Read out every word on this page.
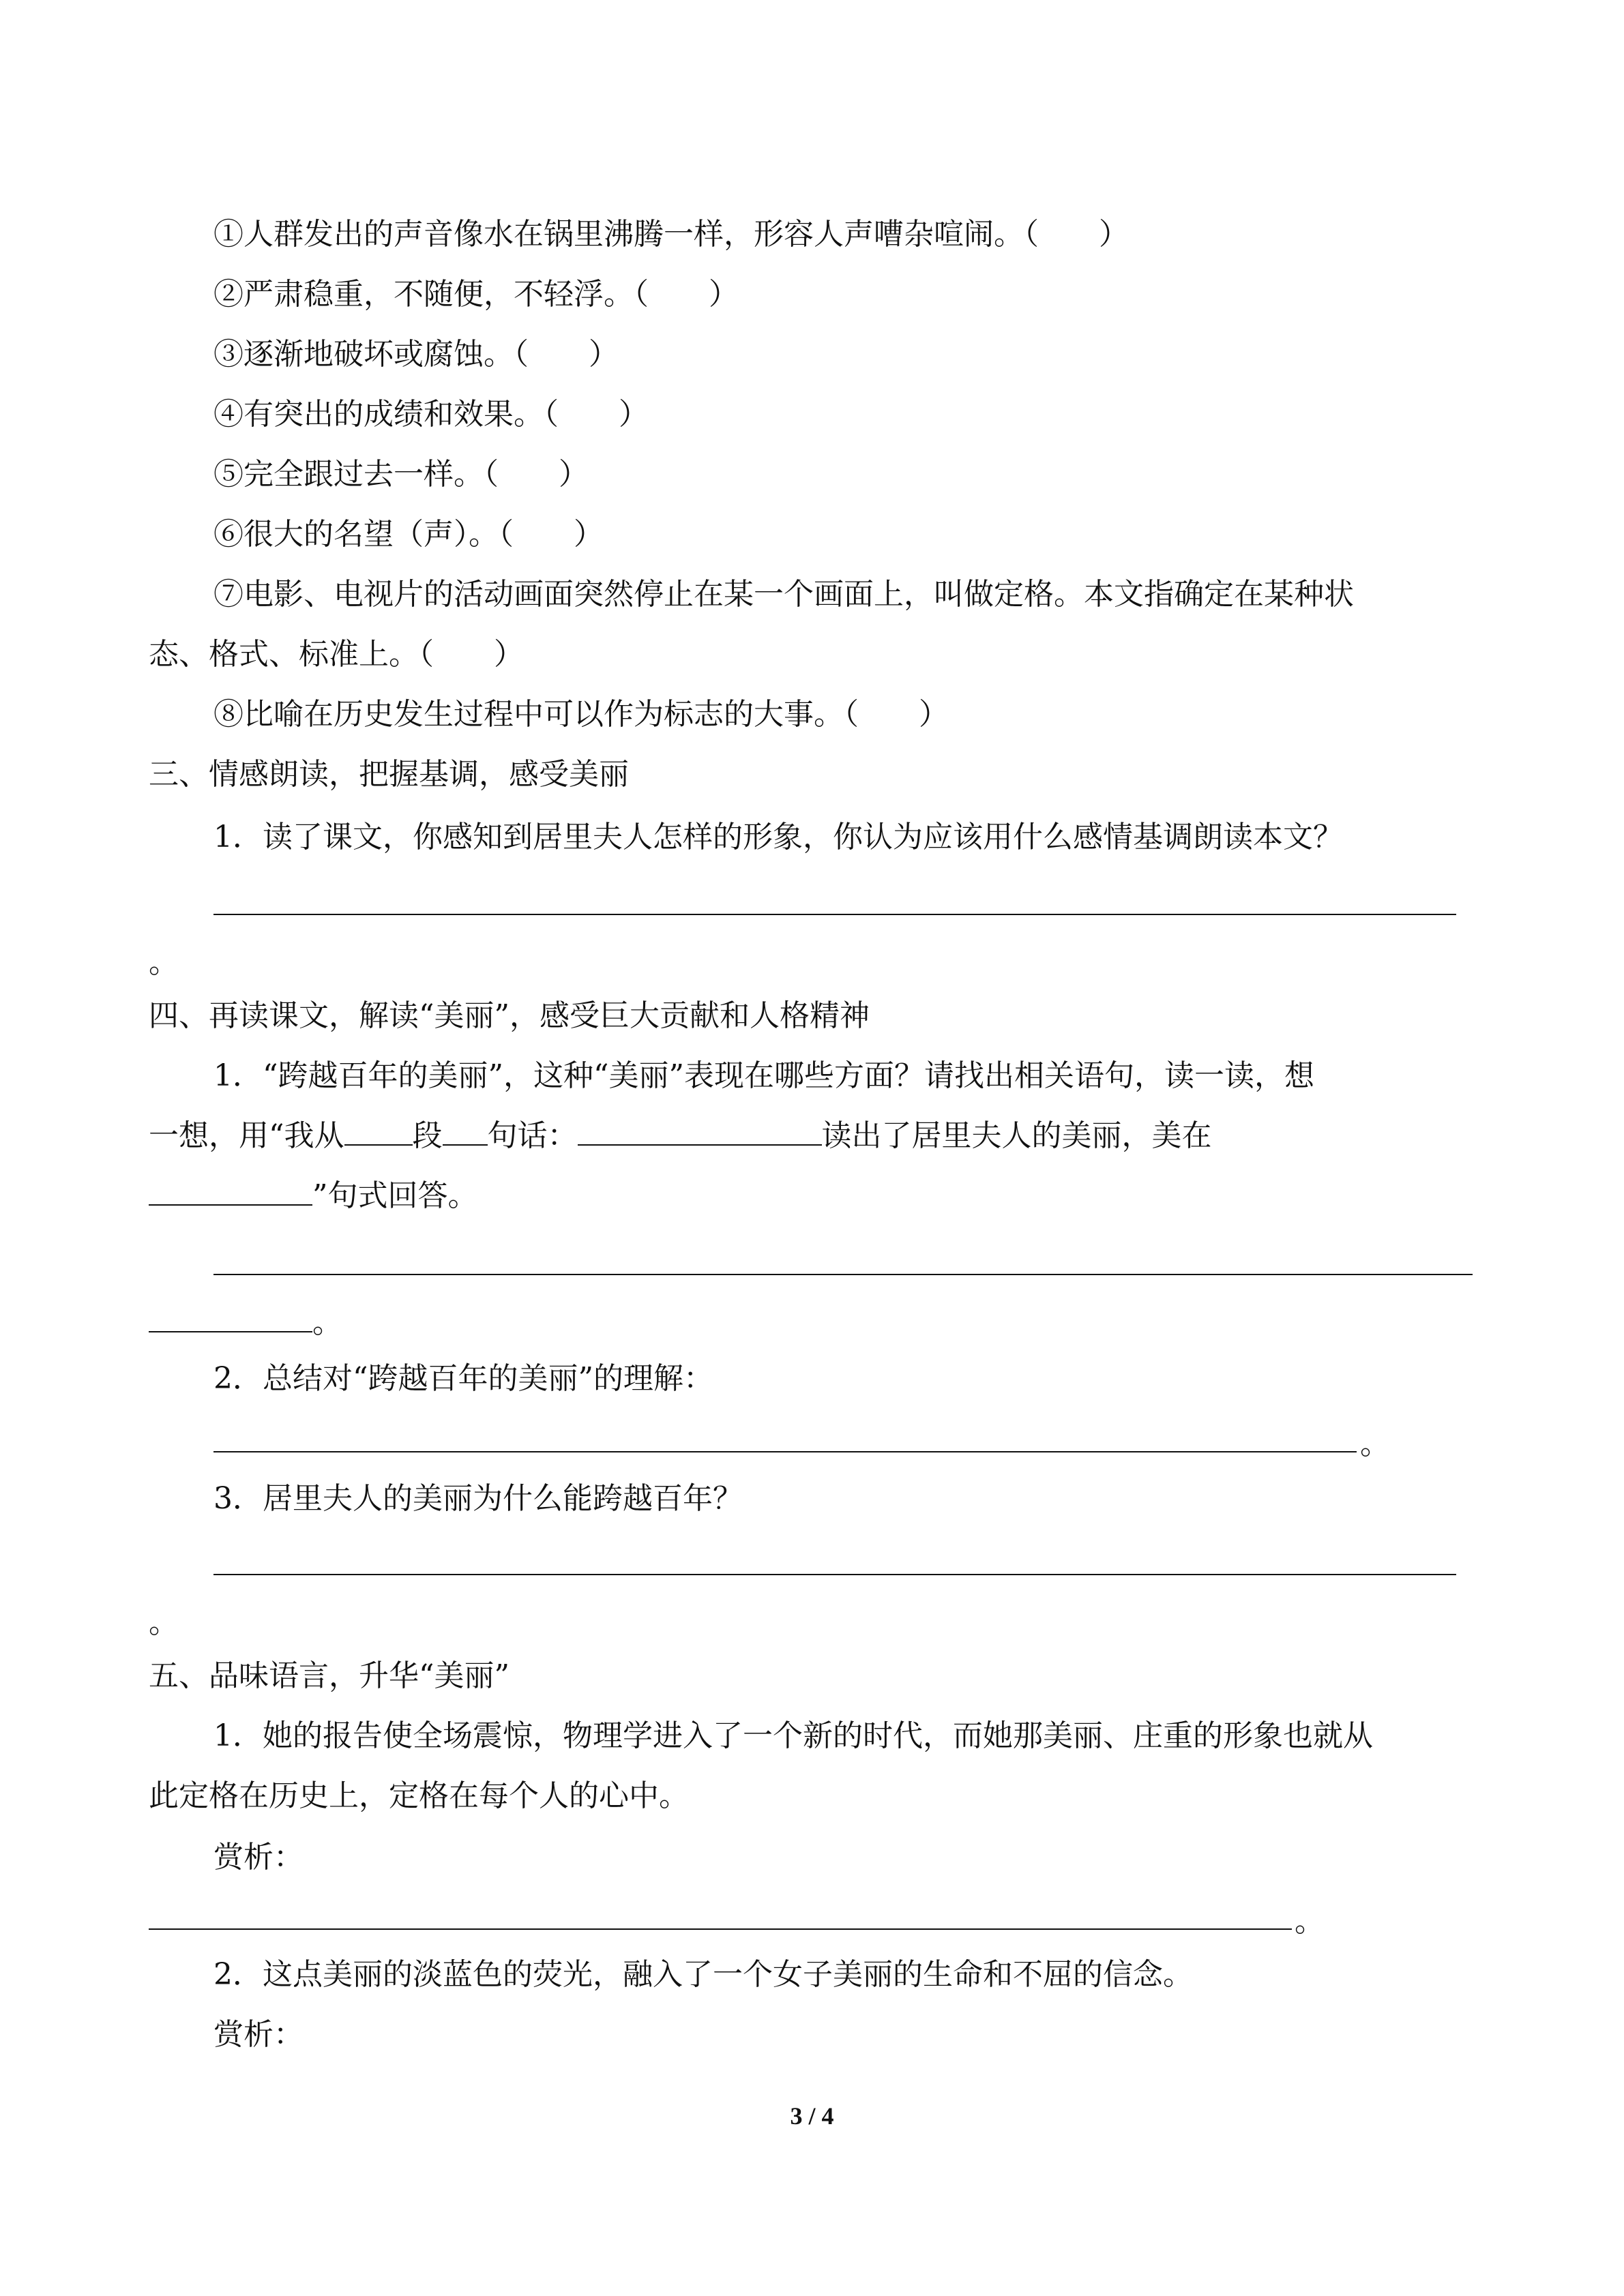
①人群发出的声音像水在锅里沸腾一样，形容人声嘈杂喧闹。（　　）
②严肃稳重，不随便，不轻浮。（　　）
③逐渐地破坏或腐蚀。（　　）
④有突出的成绩和效果。（　　）
⑤完全跟过去一样。（　　）
⑥很大的名望（声）。（　　）
⑦电影、电视片的活动画面突然停止在某一个画面上，叫做定格。本文指确定在某种状
态、格式、标准上。（　　）
⑧比喻在历史发生过程中可以作为标志的大事。（　　）
三、情感朗读，把握基调，感受美丽
1．读了课文，你感知到居里夫人怎样的形象，你认为应该用什么感情基调朗读本文？
。
四、再读课文，解读“美丽”，感受巨大贡献和人格精神
1．“跨越百年的美丽”，这种“美丽”表现在哪些方面？请找出相关语句，读一读，想
一想，用“我从 段 句话：	读出了居里夫人的美丽，美在
”句式回答。
。
2．总结对“跨越百年的美丽”的理解：
。
3．居里夫人的美丽为什么能跨越百年？
。
五、品味语言，升华“美丽”
1．她的报告使全场震惊，物理学进入了一个新的时代，而她那美丽、庄重的形象也就从
此定格在历史上，定格在每个人的心中。
赏析：
。
2．这点美丽的淡蓝色的荧光，融入了一个女子美丽的生命和不屈的信念。
赏析：
3 / 4
